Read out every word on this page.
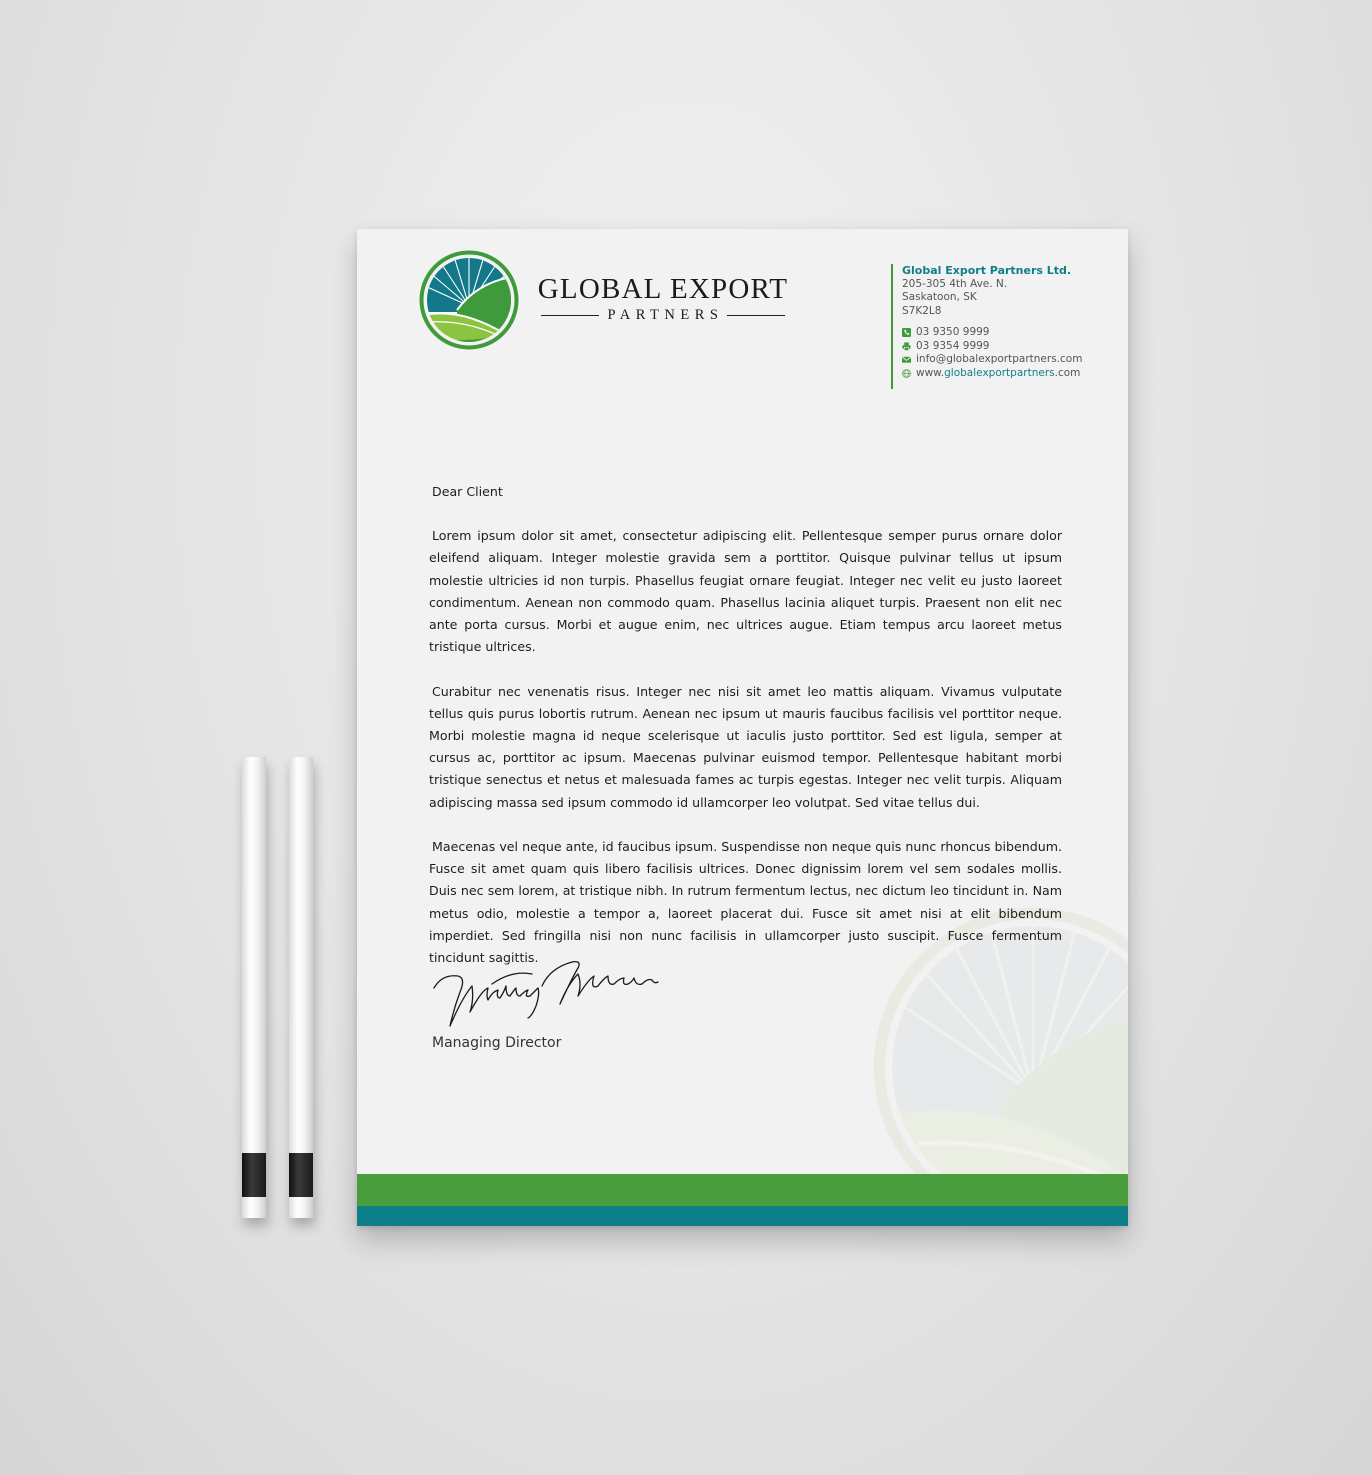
GLOBAL EXPORT
PARTNERS
Global Export Partners Ltd.
205-305 4th Ave. N.
Saskatoon, SK
S7K2L8
03 9350 9999
03 9354 9999
info@globalexportpartners.com
www.globalexportpartners.com
Dear Client

Lorem ipsum dolor sit amet, consectetur adipiscing elit. Pellentesque semper purus ornare dolor eleifend aliquam. Integer molestie gravida sem a porttitor. Quisque pulvinar tellus ut ipsum molestie ultricies id non turpis. Phasellus feugiat ornare feugiat. Integer nec velit eu justo laoreet condimentum. Aenean non commodo quam. Phasellus lacinia aliquet turpis. Praesent non elit nec ante porta cursus. Morbi et augue enim, nec ultrices augue. Etiam tempus arcu laoreet metus tristique ultrices.

Curabitur nec venenatis risus. Integer nec nisi sit amet leo mattis aliquam. Vivamus vulputate tellus quis purus lobortis rutrum. Aenean nec ipsum ut mauris faucibus facilisis vel porttitor neque. Morbi molestie magna id neque scelerisque ut iaculis justo porttitor. Sed est ligula, semper at cursus ac, porttitor ac ipsum. Maecenas pulvinar euismod tempor. Pellentesque habitant morbi tristique senectus et netus et malesuada fames ac turpis egestas. Integer nec velit turpis. Aliquam adipiscing massa sed ipsum commodo id ullamcorper leo volutpat. Sed vitae tellus dui.

Maecenas vel neque ante, id faucibus ipsum. Suspendisse non neque quis nunc rhoncus bibendum. Fusce sit amet quam quis libero facilisis ultrices. Donec dignissim lorem vel sem sodales mollis. Duis nec sem lorem, at tristique nibh. In rutrum fermentum lectus, nec dictum leo tincidunt in. Nam metus odio, molestie a tempor a, laoreet placerat dui. Fusce sit amet nisi at elit bibendum imperdiet. Sed fringilla nisi non nunc facilisis in ullamcorper justo suscipit. Fusce fermentum tincidunt sagittis.

Managing Director
